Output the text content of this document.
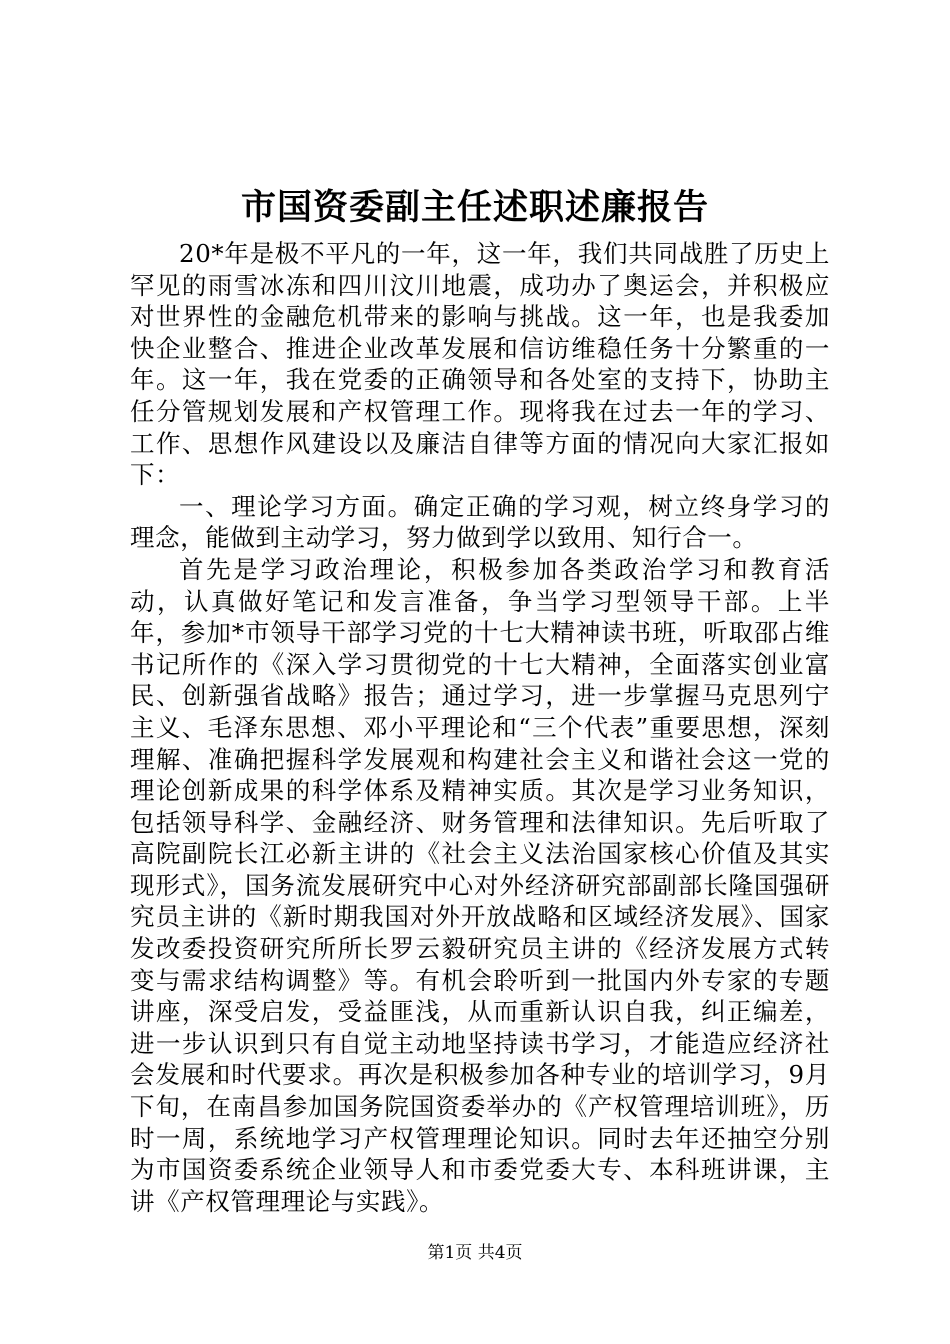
市国资委副主任述职述廉报告

20*年是极不平凡的一年，这一年，我们共同战胜了历史上罕见的雨雪冰冻和四川汶川地震，成功办了奥运会，并积极应对世界性的金融危机带来的影响与挑战。这一年，也是我委加快企业整合、推进企业改革发展和信访维稳任务十分繁重的一年。这一年，我在党委的正确领导和各处室的支持下，协助主任分管规划发展和产权管理工作。现将我在过去一年的学习、工作、思想作风建设以及廉洁自律等方面的情况向大家汇报如下：

一、理论学习方面。确定正确的学习观，树立终身学习的理念，能做到主动学习，努力做到学以致用、知行合一。

首先是学习政治理论，积极参加各类政治学习和教育活动，认真做好笔记和发言准备，争当学习型领导干部。上半年，参加*市领导干部学习党的十七大精神读书班，听取邵占维书记所作的《深入学习贯彻党的十七大精神，全面落实创业富民、创新强省战略》报告；通过学习，进一步掌握马克思列宁主义、毛泽东思想、邓小平理论和“三个代表”重要思想，深刻理解、准确把握科学发展观和构建社会主义和谐社会这一党的理论创新成果的科学体系及精神实质。其次是学习业务知识，包括领导科学、金融经济、财务管理和法律知识。先后听取了高院副院长江必新主讲的《社会主义法治国家核心价值及其实现形式》，国务流发展研究中心对外经济研究部副部长隆国强研究员主讲的《新时期我国对外开放战略和区域经济发展》、国家发改委投资研究所所长罗云毅研究员主讲的《经济发展方式转变与需求结构调整》等。有机会聆听到一批国内外专家的专题讲座，深受启发，受益匪浅，从而重新认识自我，纠正编差，进一步认识到只有自觉主动地坚持读书学习，才能造应经济社会发展和时代要求。再次是积极参加各种专业的培训学习，9月下旬，在南昌参加国务院国资委举办的《产权管理培训班》，历时一周，系统地学习产权管理理论知识。同时去年还抽空分别为市国资委系统企业领导人和市委党委大专、本科班讲课，主讲《产权管理理论与实践》。

第1页 共4页
